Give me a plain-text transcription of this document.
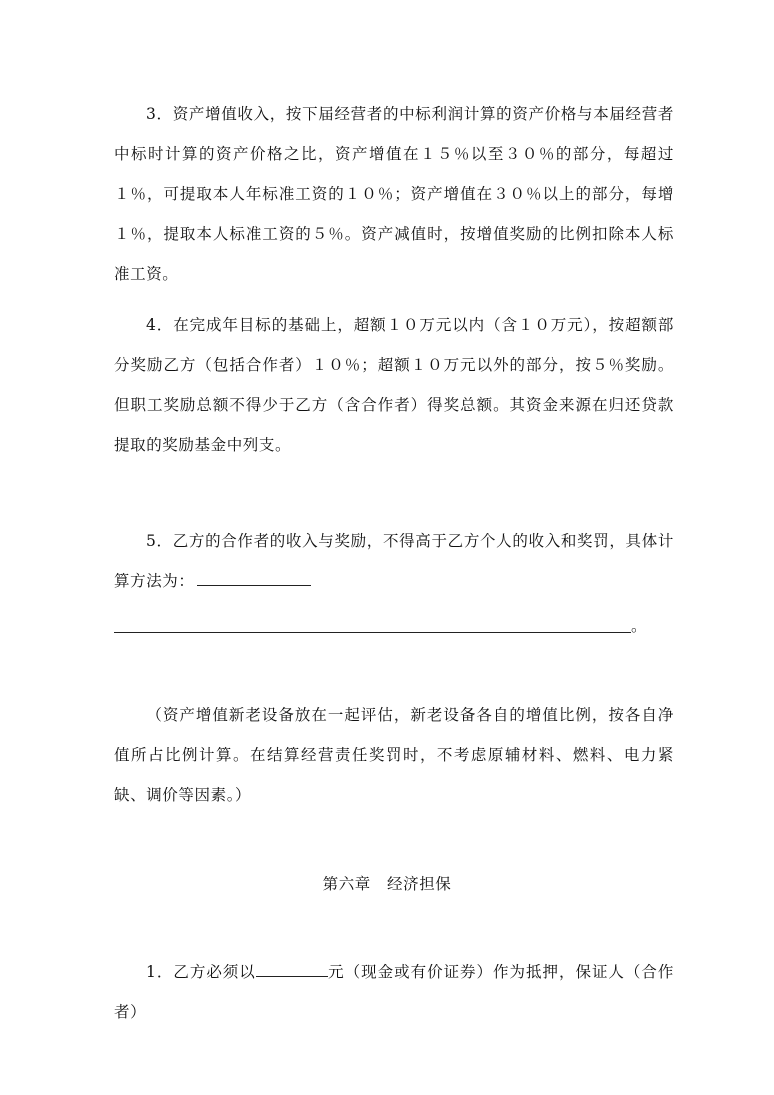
3．资产增值收入，按下届经营者的中标利润计算的资产价格与本届经营者中标时计算的资产价格之比，资产增值在１５％以至３０％的部分，每超过１％，可提取本人年标准工资的１０％；资产增值在３０％以上的部分，每增１％，提取本人标准工资的５％。资产减值时，按增值奖励的比例扣除本人标准工资。

4．在完成年目标的基础上，超额１０万元以内（含１０万元），按超额部分奖励乙方（包括合作者）１０％；超额１０万元以外的部分，按５％奖励。但职工奖励总额不得少于乙方（含合作者）得奖总额。其资金来源在归还贷款提取的奖励基金中列支。

5．乙方的合作者的收入与奖励，不得高于乙方个人的收入和奖罚，具体计算方法为：

。

（资产增值新老设备放在一起评估，新老设备各自的增值比例，按各自净值所占比例计算。在结算经营责任奖罚时，不考虑原辅材料、燃料、电力紧缺、调价等因素。）

第六章　经济担保

1．乙方必须以	元（现金或有价证券）作为抵押，保证人（合作者）
